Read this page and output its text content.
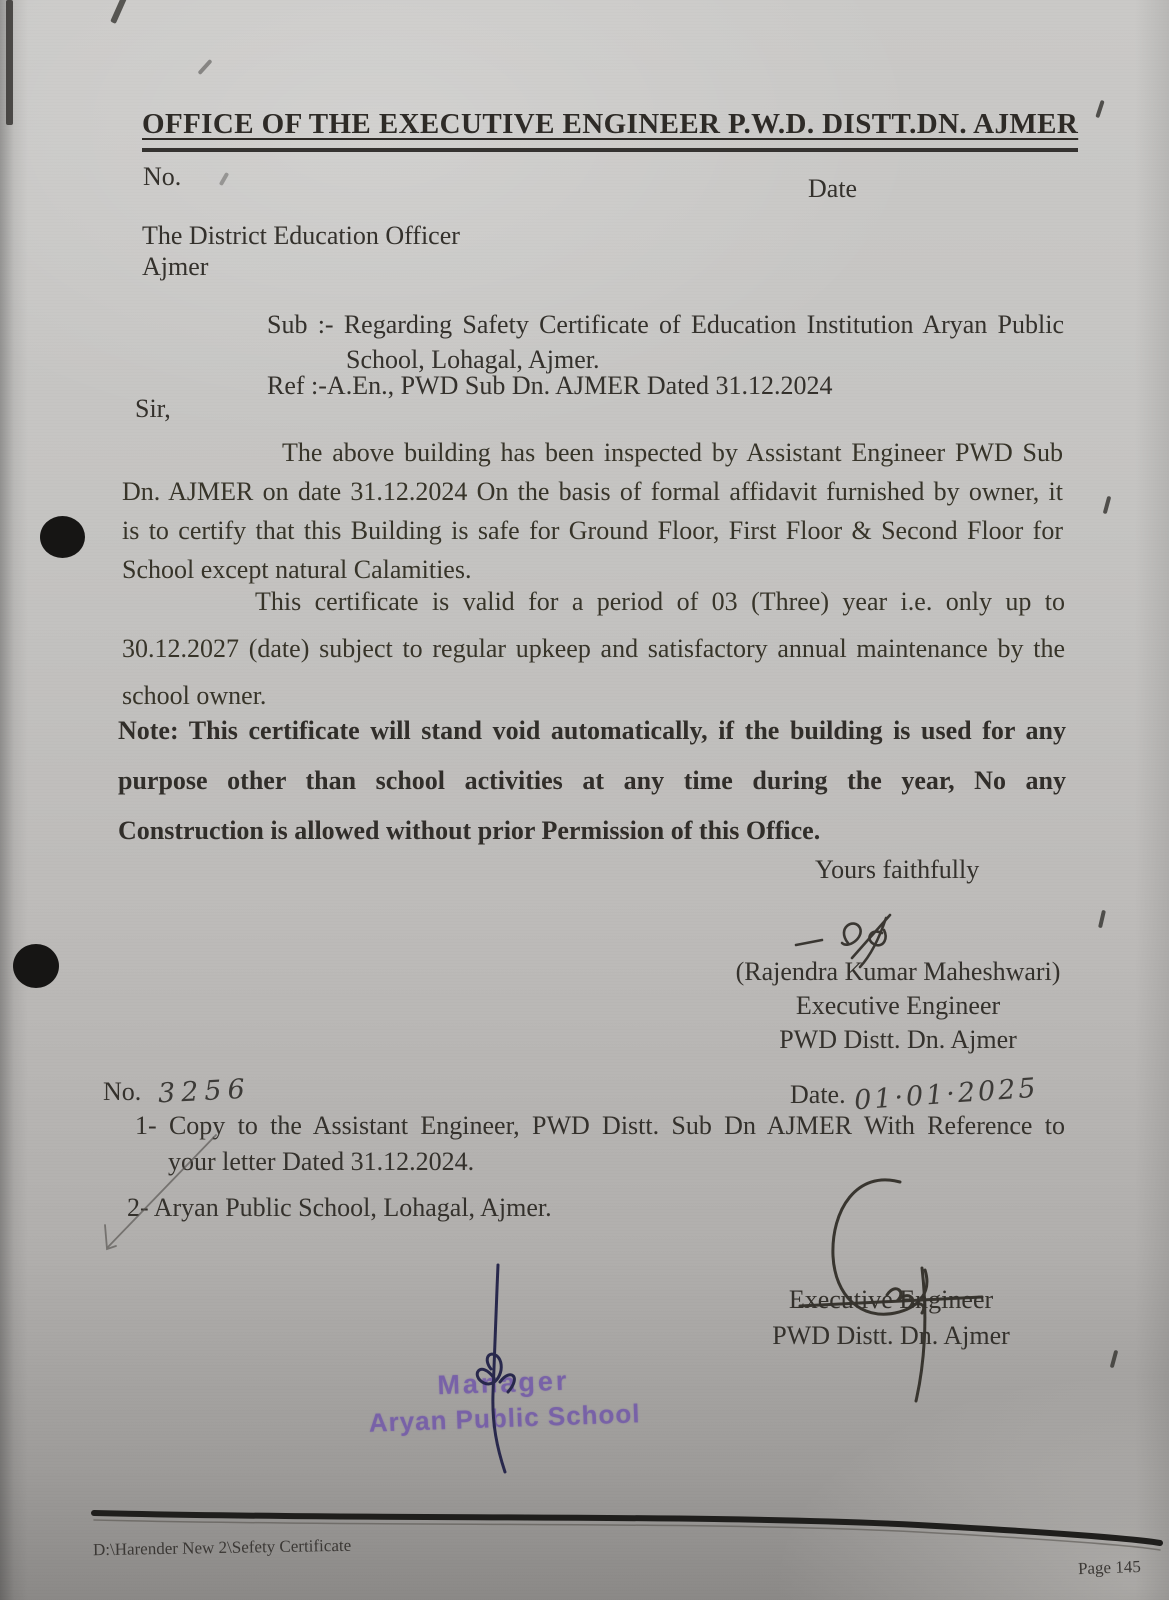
OFFICE OF THE EXECUTIVE ENGINEER P.W.D. DISTT.DN. AJMER
No.	Date
The District Education Officer
Ajmer
Sub :- Regarding Safety Certificate of Education Institution Aryan Public
School, Lohagal, Ajmer.
Ref :-A.En., PWD Sub Dn. AJMER Dated 31.12.2024
Sir,
The above building has been inspected by Assistant Engineer PWD Sub
Dn. AJMER on date 31.12.2024 On the basis of formal affidavit furnished by owner, it
is to certify that this Building is safe for Ground Floor, First Floor & Second Floor for
School except natural Calamities.
This certificate is valid for a period of 03 (Three) year i.e. only up to
30.12.2027 (date) subject to regular upkeep and satisfactory annual maintenance by the
school owner.
Note: This certificate will stand void automatically, if the building is used for any
purpose other than school activities at any time during the year, No any
Construction is allowed without prior Permission of this Office.
Yours faithfully
(Rajendra Kumar Maheshwari)
Executive Engineer
PWD Distt. Dn. Ajmer
No. 3256	Date. 01·01·2025
1- Copy to the Assistant Engineer, PWD Distt. Sub Dn AJMER With Reference to
your letter Dated 31.12.2024.
2- Aryan Public School, Lohagal, Ajmer.
Executive Engineer
PWD Distt. Dn. Ajmer
Manager
Aryan Public School
D:\Harender New 2\Sefety Certificate
Page 145
